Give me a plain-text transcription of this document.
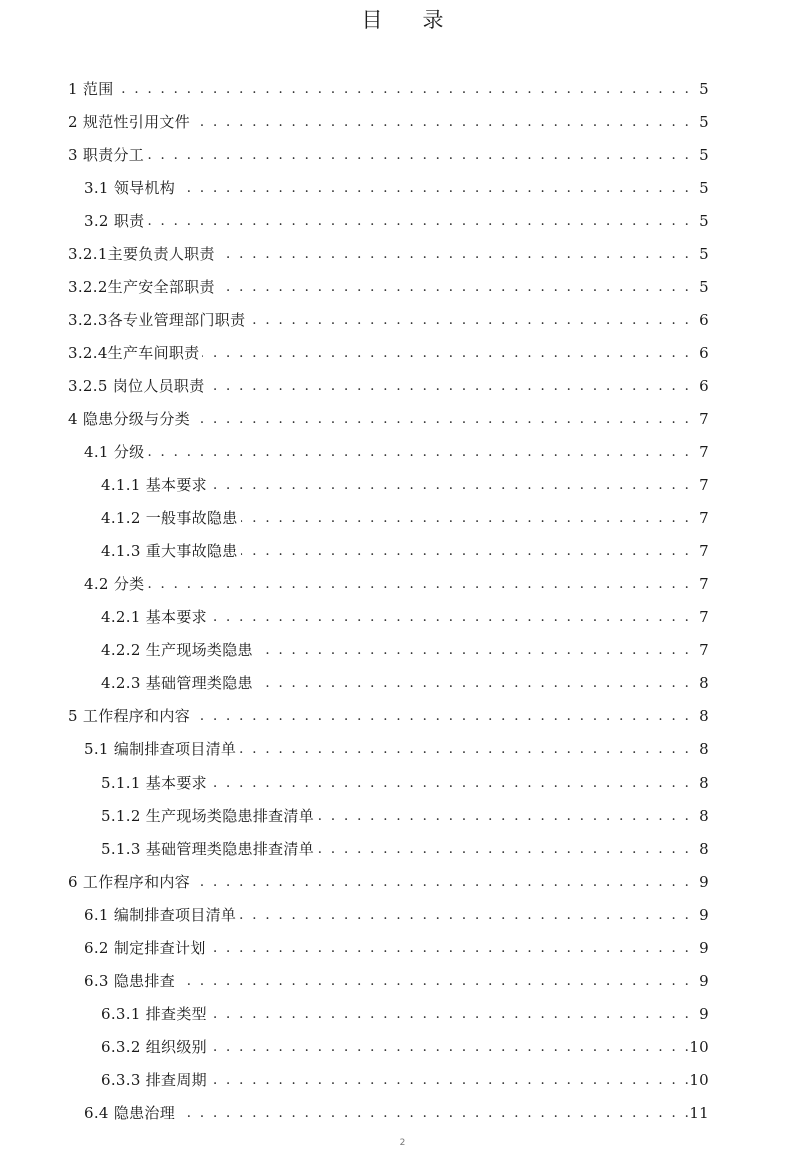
目      录
1 范围 . . .	5
2 规范性引用文件 . . .	5
3 职责分工 . . .	5
3.1 领导机构 . . .	5
3.2 职责 . . .	5
3.2.1主要负责人职责 . . .	5
3.2.2生产安全部职责 . . .	5
3.2.3各专业管理部门职责 . . .	6
3.2.4生产车间职责 . . .	6
3.2.5 岗位人员职责 . . .	6
4 隐患分级与分类 . . .	7
4.1 分级 . . .	7
4.1.1 基本要求 . . .	7
4.1.2 一般事故隐患 . . .	7
4.1.3 重大事故隐患 . . .	7
4.2 分类 . . .	7
4.2.1 基本要求 . . .	7
4.2.2 生产现场类隐患 . . .	7
4.2.3 基础管理类隐患 . . .	8
5 工作程序和内容 . . .	8
5.1 编制排查项目清单 . . .	8
5.1.1 基本要求 . . .	8
5.1.2 生产现场类隐患排查清单 . . .	8
5.1.3 基础管理类隐患排查清单 . . .	8
6 工作程序和内容 . . .	9
6.1 编制排查项目清单 . . .	9
6.2 制定排查计划 . . .	9
6.3 隐患排查 . . .	9
6.3.1 排查类型 . . .	9
6.3.2 组织级别 . . .	10
6.3.3 排查周期 . . .	10
6.4 隐患治理 . . .	11
2
